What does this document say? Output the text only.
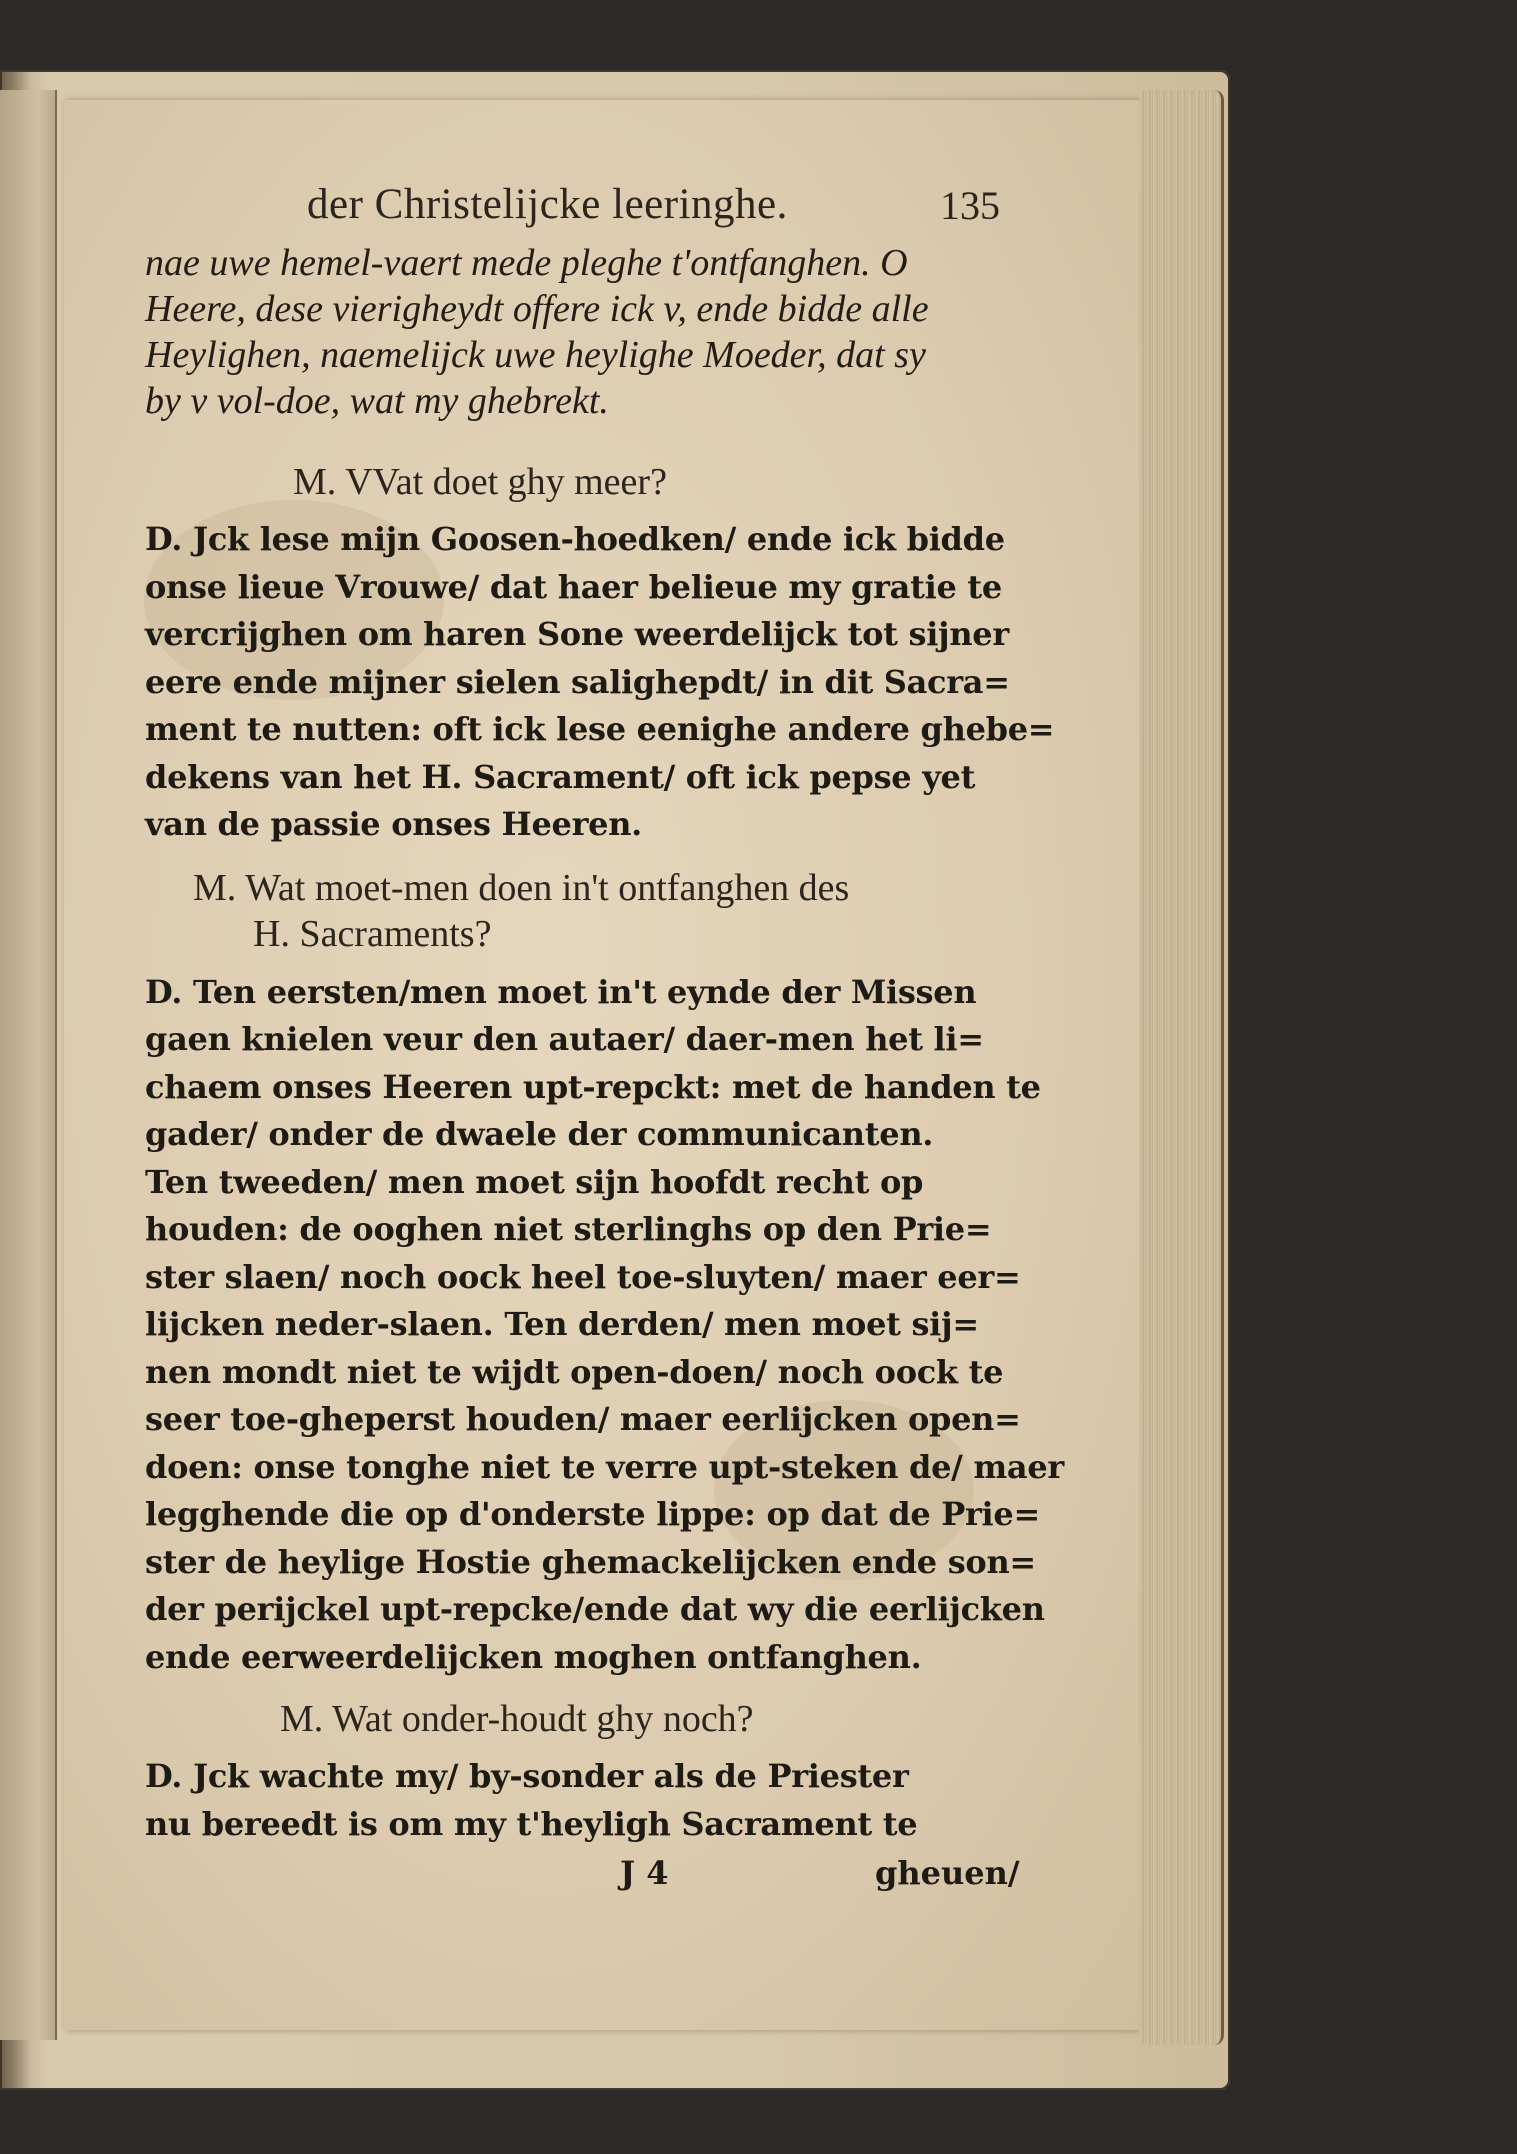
der Christelijcke leeringhe.	135
nae uwe hemel-vaert mede pleghe t'ontfanghen. O
Heere, dese vierigheydt offere ick v, ende bidde alle
Heylighen, naemelijck uwe heylighe Moeder, dat sy
by v vol-doe, wat my ghebrekt.
M. VVat doet ghy meer?
D. Jck lese mijn Goosen-hoedken/ ende ick bidde
onse lieue Vrouwe/ dat haer belieue my gratie te
vercrijghen om haren Sone weerdelijck tot sijner
eere ende mijner sielen salighepdt/ in dit Sacra=
ment te nutten: oft ick lese eenighe andere ghebe=
dekens van het H. Sacrament/ oft ick pepse yet
van de passie onses Heeren.
M. Wat moet-men doen in't ontfanghen des
H. Sacraments?
D. Ten eersten/men moet in't eynde der Missen
gaen knielen veur den autaer/ daer-men het li=
chaem onses Heeren upt-repckt: met de handen te
gader/ onder de dwaele der communicanten.
Ten tweeden/ men moet sijn hoofdt recht op
houden: de ooghen niet sterlinghs op den Prie=
ster slaen/ noch oock heel toe-sluyten/ maer eer=
lijcken neder-slaen. Ten derden/ men moet sij=
nen mondt niet te wijdt open-doen/ noch oock te
seer toe-gheperst houden/ maer eerlijcken open=
doen: onse tonghe niet te verre upt-steken de/ maer
legghende die op d'onderste lippe: op dat de Prie=
ster de heylige Hostie ghemackelijcken ende son=
der perijckel upt-repcke/ende dat wy die eerlijcken
ende eerweerdelijcken moghen ontfanghen.
M. Wat onder-houdt ghy noch?
D. Jck wachte my/ by-sonder als de Priester
nu bereedt is om my t'heyligh Sacrament te
J 4	gheuen/
